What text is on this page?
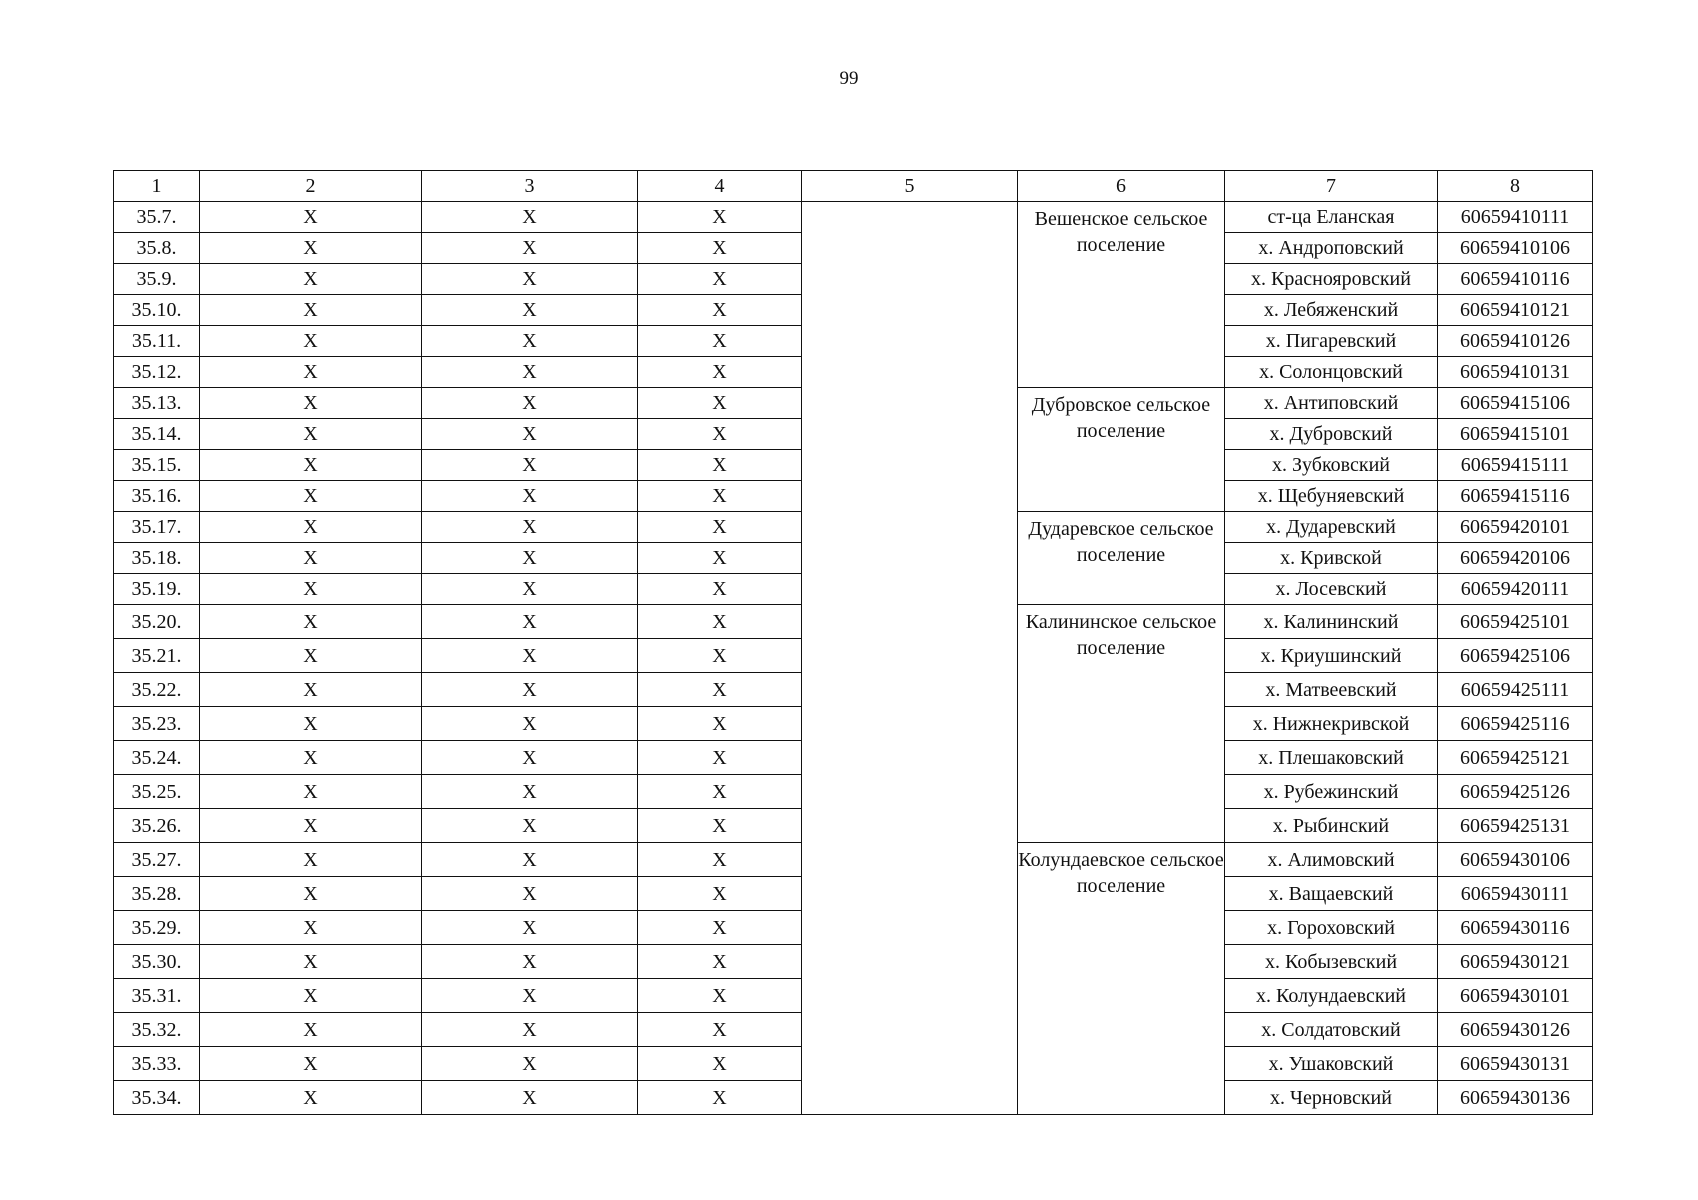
99
1	2	3	4	5	6	7	8
35.7.	X	X	X		Вешенское сельское поселение	ст-ца Еланская	60659410111
35.8.	X	X	X			х. Андроповский	60659410106
35.9.	X	X	X			х. Краснояровский	60659410116
35.10.	X	X	X			х. Лебяженский	60659410121
35.11.	X	X	X			х. Пигаревский	60659410126
35.12.	X	X	X			х. Солонцовский	60659410131
35.13.	X	X	X		Дубровское сельское поселение	х. Антиповский	60659415106
35.14.	X	X	X			х. Дубровский	60659415101
35.15.	X	X	X			х. Зубковский	60659415111
35.16.	X	X	X			х. Щебуняевский	60659415116
35.17.	X	X	X		Дударевское сельское поселение	х. Дударевский	60659420101
35.18.	X	X	X			х. Кривской	60659420106
35.19.	X	X	X			х. Лосевский	60659420111
35.20.	X	X	X		Калининское сельское поселение	х. Калининский	60659425101
35.21.	X	X	X			х. Криушинский	60659425106
35.22.	X	X	X			х. Матвеевский	60659425111
35.23.	X	X	X			х. Нижнекривской	60659425116
35.24.	X	X	X			х. Плешаковский	60659425121
35.25.	X	X	X			х. Рубежинский	60659425126
35.26.	X	X	X			х. Рыбинский	60659425131
35.27.	X	X	X		Колундаевское сельское поселение	х. Алимовский	60659430106
35.28.	X	X	X			х. Ващаевский	60659430111
35.29.	X	X	X			х. Гороховский	60659430116
35.30.	X	X	X			х. Кобызевский	60659430121
35.31.	X	X	X			х. Колундаевский	60659430101
35.32.	X	X	X			х. Солдатовский	60659430126
35.33.	X	X	X			х. Ушаковский	60659430131
35.34.	X	X	X			х. Черновский	60659430136
